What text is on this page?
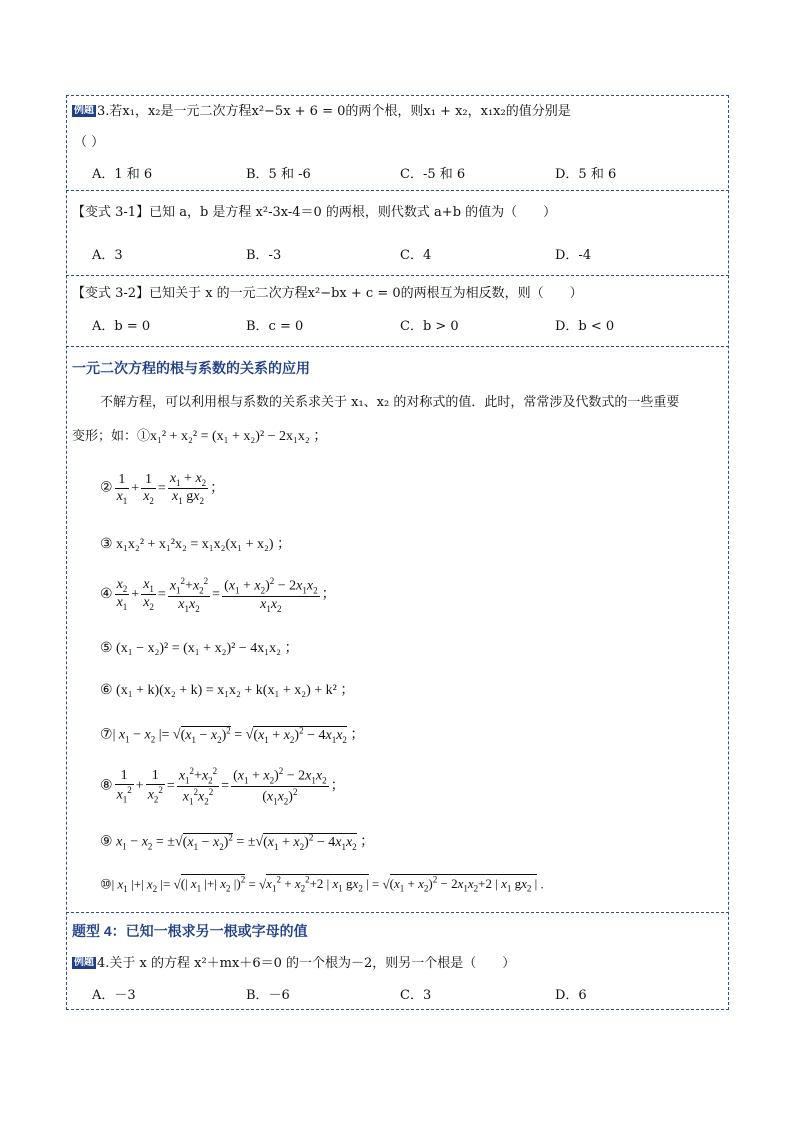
例题 3.若x₁，x₂是一元二次方程x²−5x + 6 = 0的两个根，则x₁ + x₂，x₁x₂的值分别是
（ ）
A．1 和 6	B．5 和 -6	C．-5 和 6	D．5 和 6
【变式 3-1】已知 a，b 是方程 x²-3x-4＝0 的两根，则代数式 a+b 的值为（　　）
A．3	B．-3	C．4	D．-4
【变式 3-2】已知关于 x 的一元二次方程x²−bx + c = 0的两根互为相反数，则（　　）
A．b = 0	B．c = 0	C．b > 0	D．b < 0
一元二次方程的根与系数的关系的应用
不解方程，可以利用根与系数的关系求关于 x₁、x₂ 的对称式的值．此时，常常涉及代数式的一些重要
变形；如：①x₁² + x₂² = (x₁ + x₂)² − 2x₁x₂ ；
② $\frac{1}{x_1} + \frac{1}{x_2} = \frac{x_1 + x_2}{x_1 gx_2}$ ；
③ x₁x₂² + x₁²x₂ = x₁x₂(x₁ + x₂) ；
④ $\frac{x_2}{x_1} + \frac{x_1}{x_2} = \frac{x_1^2+x_2^2}{x_1x_2} = \frac{(x_1 + x_2)^2 - 2x_1x_2}{x_1x_2}$ ；
⑤ (x₁ − x₂)² = (x₁ + x₂)² − 4x₁x₂ ；
⑥ (x₁ + k)(x₂ + k) = x₁x₂ + k(x₁ + x₂) + k² ；
⑦| $x_1 - x_2$ |= $√(x_1 - x_2)^2 = √(x_1 + x_2)^2 - 4x_1x_2$ ；
⑧ $\frac{1}{x_1^2} + \frac{1}{x_2^2} = \frac{x_1^2+x_2^2}{x_1^2x_2^2} = \frac{(x_1 + x_2)^2 - 2x_1x_2}{(x_1x_2)^2}$ ；
⑨ $x_1 - x_2 = \pm√(x_1 - x_2)^2 = \pm√(x_1 + x_2)^2 - 4x_1x_2$ ；
⑩| $x_1$ |+| $x_2$ |= √(| $x_1$ |+| $x_2$ $|)^2 = √x_1^2 + x_2^2+2$ | $x_1$ $gx_2$ | = $√(x_1 + x_2)^2 - 2x_1x_2+2$ | $x_1$ $gx_2$ | .
题型 4：已知一根求另一根或字母的值
例题 4.关于 x 的方程 x²＋mx＋6＝0 的一个根为－2，则另一个根是（　　）
A．－3	B．－6	C．3	D．6
